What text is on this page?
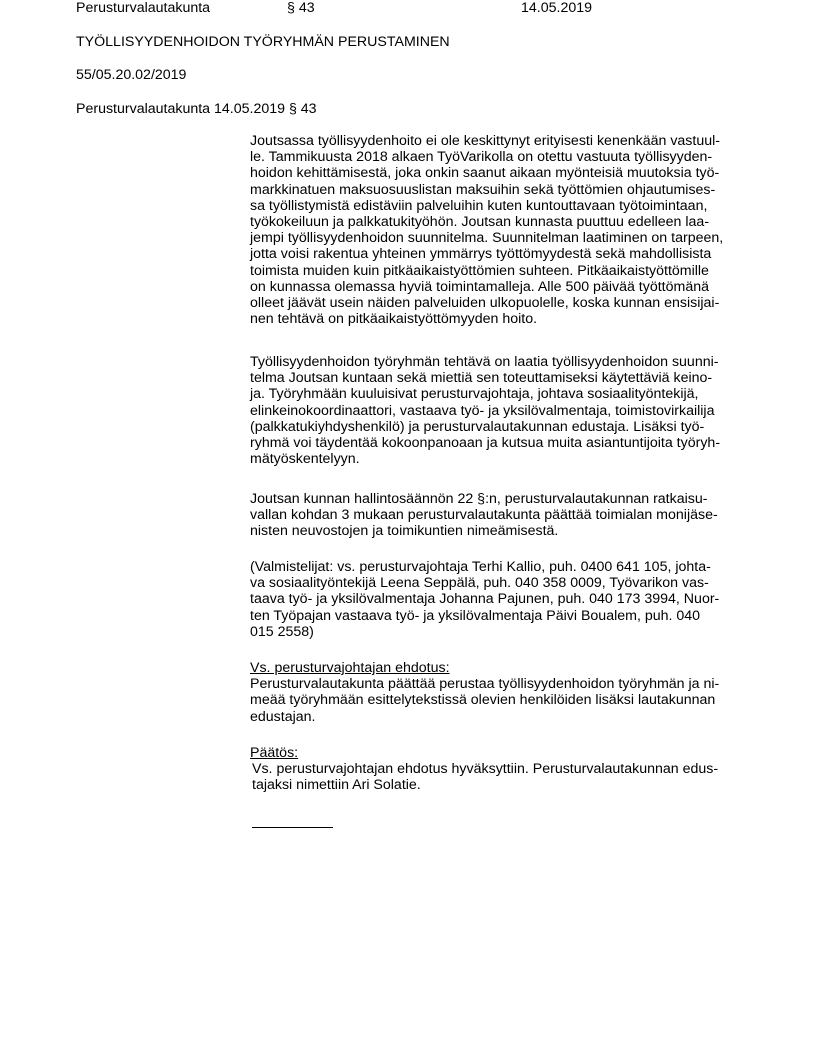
Perusturvalautakunta	§ 43	14.05.2019
TYÖLLISYYDENHOIDON TYÖRYHMÄN PERUSTAMINEN
55/05.20.02/2019
Perusturvalautakunta 14.05.2019 § 43

Joutsassa työllisyydenhoito ei ole keskittynyt erityisesti kenenkään vastuul-
le. Tammikuusta 2018 alkaen TyöVarikolla on otettu vastuuta työllisyyden-
hoidon kehittämisestä, joka onkin saanut aikaan myönteisiä muutoksia työ-
markkinatuen maksuosuuslistan maksuihin sekä työttömien ohjautumises-
sa työllistymistä edistäviin palveluihin kuten kuntouttavaan työtoimintaan,
työkokeiluun ja palkkatukityöhön. Joutsan kunnasta puuttuu edelleen laa-
jempi työllisyydenhoidon suunnitelma. Suunnitelman laatiminen on tarpeen,
jotta voisi rakentua yhteinen ymmärrys työttömyydestä sekä mahdollisista
toimista muiden kuin pitkäaikaistyöttömien suhteen. Pitkäaikaistyöttömille
on kunnassa olemassa hyviä toimintamalleja. Alle 500 päivää työttömänä
olleet jäävät usein näiden palveluiden ulkopuolelle, koska kunnan ensisijai-
nen tehtävä on pitkäaikaistyöttömyyden hoito.

Työllisyydenhoidon työryhmän tehtävä on laatia työllisyydenhoidon suunni-
telma Joutsan kuntaan sekä miettiä sen toteuttamiseksi käytettäviä keino-
ja. Työryhmään kuuluisivat perusturvajohtaja, johtava sosiaalityöntekijä,
elinkeinokoordinaattori, vastaava työ- ja yksilövalmentaja, toimistovirkailija
(palkkatukiyhdyshenkilö) ja perusturvalautakunnan edustaja. Lisäksi työ-
ryhmä voi täydentää kokoonpanoaan ja kutsua muita asiantuntijoita työryh-
mätyöskentelyyn.

Joutsan kunnan hallintosäännön 22 §:n, perusturvalautakunnan ratkaisu-
vallan kohdan 3 mukaan perusturvalautakunta päättää toimialan monijäse-
nisten neuvostojen ja toimikuntien nimeämisestä.

(Valmistelijat: vs. perusturvajohtaja Terhi Kallio, puh. 0400 641 105, johta-
va sosiaalityöntekijä Leena Seppälä, puh. 040 358 0009, Työvarikon vas-
taava työ- ja yksilövalmentaja Johanna Pajunen, puh. 040 173 3994, Nuor-
ten Työpajan vastaava työ- ja yksilövalmentaja Päivi Boualem, puh. 040
015 2558)

Vs. perusturvajohtajan ehdotus:
Perusturvalautakunta päättää perustaa työllisyydenhoidon työryhmän ja ni-
meää työryhmään esittelytekstissä olevien henkilöiden lisäksi lautakunnan
edustajan.
Päätös:
Vs. perusturvajohtajan ehdotus hyväksyttiin. Perusturvalautakunnan edus-
tajaksi nimettiin Ari Solatie.
